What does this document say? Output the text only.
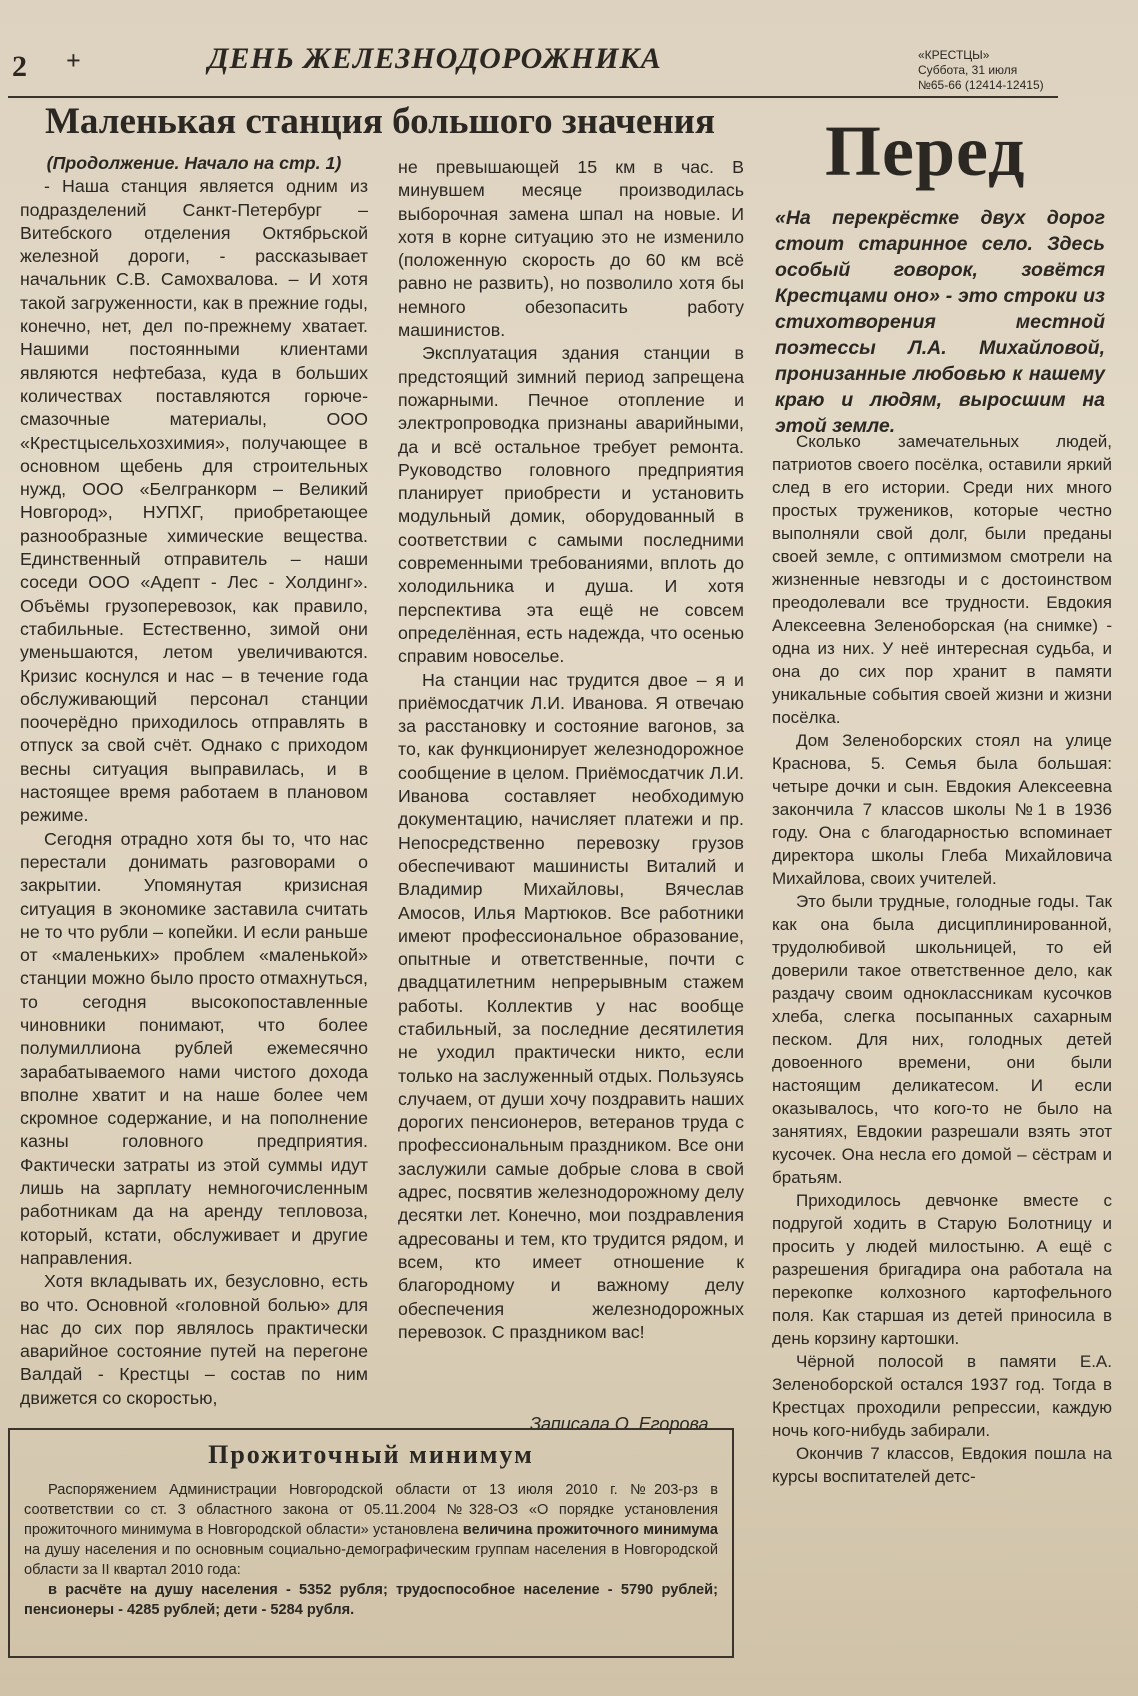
2 +	ДЕНЬ ЖЕЛЕЗНОДОРОЖНИКА	«КРЕСТЦЫ»
Суббота, 31 июля
№65-66 (12414-12415)
Маленькая станция большого значения

(Продолжение. Начало на стр. 1)

- Наша станция является одним из подразделений Санкт-Петербург – Витебского отделения Октябрьской железной дороги, - рассказывает начальник С.В. Самохвалова. – И хотя такой загруженности, как в прежние годы, конечно, нет, дел по-прежнему хватает. Нашими постоянными клиентами являются нефтебаза, куда в больших количествах поставляются горюче-смазочные материалы, ООО «Крестцысельхозхимия», получающее в основном щебень для строительных нужд, ООО «Белгранкорм – Великий Новгород», НУПХГ, приобретающее разнообразные химические вещества. Единственный отправитель – наши соседи ООО «Адепт - Лес - Холдинг». Объёмы грузоперевозок, как правило, стабильные. Естественно, зимой они уменьшаются, летом увеличиваются. Кризис коснулся и нас – в течение года обслуживающий персонал станции поочерёдно приходилось отправлять в отпуск за свой счёт. Однако с приходом весны ситуация выправилась, и в настоящее время работаем в плановом режиме.

Сегодня отрадно хотя бы то, что нас перестали донимать разговорами о закрытии. Упомянутая кризисная ситуация в экономике заставила считать не то что рубли – копейки. И если раньше от «маленьких» проблем «маленькой» станции можно было просто отмахнуться, то сегодня высокопоставленные чиновники понимают, что более полумиллиона рублей ежемесячно зарабатываемого нами чистого дохода вполне хватит и на наше более чем скромное содержание, и на пополнение казны головного предприятия. Фактически затраты из этой суммы идут лишь на зарплату немногочисленным работникам да на аренду тепловоза, который, кстати, обслуживает и другие направления.

Хотя вкладывать их, безусловно, есть во что. Основной «головной болью» для нас до сих пор являлось практически аварийное состояние путей на перегоне Валдай - Крестцы – состав по ним движется со скоростью,

не превышающей 15 км в час. В минувшем месяце производилась выборочная замена шпал на новые. И хотя в корне ситуацию это не изменило (положенную скорость до 60 км всё равно не развить), но позволило хотя бы немного обезопасить работу машинистов.

Эксплуатация здания станции в предстоящий зимний период запрещена пожарными. Печное отопление и электропроводка признаны аварийными, да и всё остальное требует ремонта. Руководство головного предприятия планирует приобрести и установить модульный домик, оборудованный в соответствии с самыми последними современными требованиями, вплоть до холодильника и душа. И хотя перспектива эта ещё не совсем определённая, есть надежда, что осенью справим новоселье.

На станции нас трудится двое – я и приёмосдатчик Л.И. Иванова. Я отвечаю за расстановку и состояние вагонов, за то, как функционирует железнодорожное сообщение в целом. Приёмосдатчик Л.И. Иванова составляет необходимую документацию, начисляет платежи и пр. Непосредственно перевозку грузов обеспечивают машинисты Виталий и Владимир Михайловы, Вячеслав Амосов, Илья Мартюков. Все работники имеют профессиональное образование, опытные и ответственные, почти с двадцатилетним непрерывным стажем работы. Коллектив у нас вообще стабильный, за последние десятилетия не уходил практически никто, если только на заслуженный отдых. Пользуясь случаем, от души хочу поздравить наших дорогих пенсионеров, ветеранов труда с профессиональным праздником. Все они заслужили самые добрые слова в свой адрес, посвятив железнодорожному делу десятки лет. Конечно, мои поздравления адресованы и тем, кто трудится рядом, и всем, кто имеет отношение к благородному и важному делу обеспечения железнодорожных перевозок. С праздником вас!

Записала О. Егорова
Прожиточный минимум

Распоряжением Администрации Новгородской области от 13 июля 2010 г. №203-рз в соответствии со ст. 3 областного закона от 05.11.2004 №328-ОЗ «О порядке установления прожиточного минимума в Новгородской области» установлена величина прожиточного минимума на душу населения и по основным социально-демографическим группам населения в Новгородской области за II квартал 2010 года:

в расчёте на душу населения - 5352 рубля; трудоспособное население - 5790 рублей; пенсионеры - 4285 рублей; дети - 5284 рубля.

Перед
«На перекрёстке двух дорог стоит старинное село. Здесь особый говорок, зовётся Крестцами оно» - это строки из стихотворения местной поэтессы Л.А. Михайловой, пронизанные любовью к нашему краю и людям, выросшим на этой земле.

Сколько замечательных людей, патриотов своего посёлка, оставили яркий след в его истории. Среди них много простых тружеников, которые честно выполняли свой долг, были преданы своей земле, с оптимизмом смотрели на жизненные невзгоды и с достоинством преодолевали все трудности. Евдокия Алексеевна Зеленоборская (на снимке) - одна из них. У неё интересная судьба, и она до сих пор хранит в памяти уникальные события своей жизни и жизни посёлка.

Дом Зеленоборских стоял на улице Краснова, 5. Семья была большая: четыре дочки и сын. Евдокия Алексеевна закончила 7 классов школы №1 в 1936 году. Она с благодарностью вспоминает директора школы Глеба Михайловича Михайлова, своих учителей.

Это были трудные, голодные годы. Так как она была дисциплинированной, трудолюбивой школьницей, то ей доверили такое ответственное дело, как раздачу своим одноклассникам кусочков хлеба, слегка посыпанных сахарным песком. Для них, голодных детей довоенного времени, они были настоящим деликатесом. И если оказывалось, что кого-то не было на занятиях, Евдокии разрешали взять этот кусочек. Она несла его домой – сёстрам и братьям.

Приходилось девчонке вместе с подругой ходить в Старую Болотницу и просить у людей милостыню. А ещё с разрешения бригадира она работала на перекопке колхозного картофельного поля. Как старшая из детей приносила в день корзину картошки.

Чёрной полосой в памяти Е.А. Зеленоборской остался 1937 год. Тогда в Крестцах проходили репрессии, каждую ночь кого-нибудь забирали.

Окончив 7 классов, Евдокия пошла на курсы воспитателей детс-
